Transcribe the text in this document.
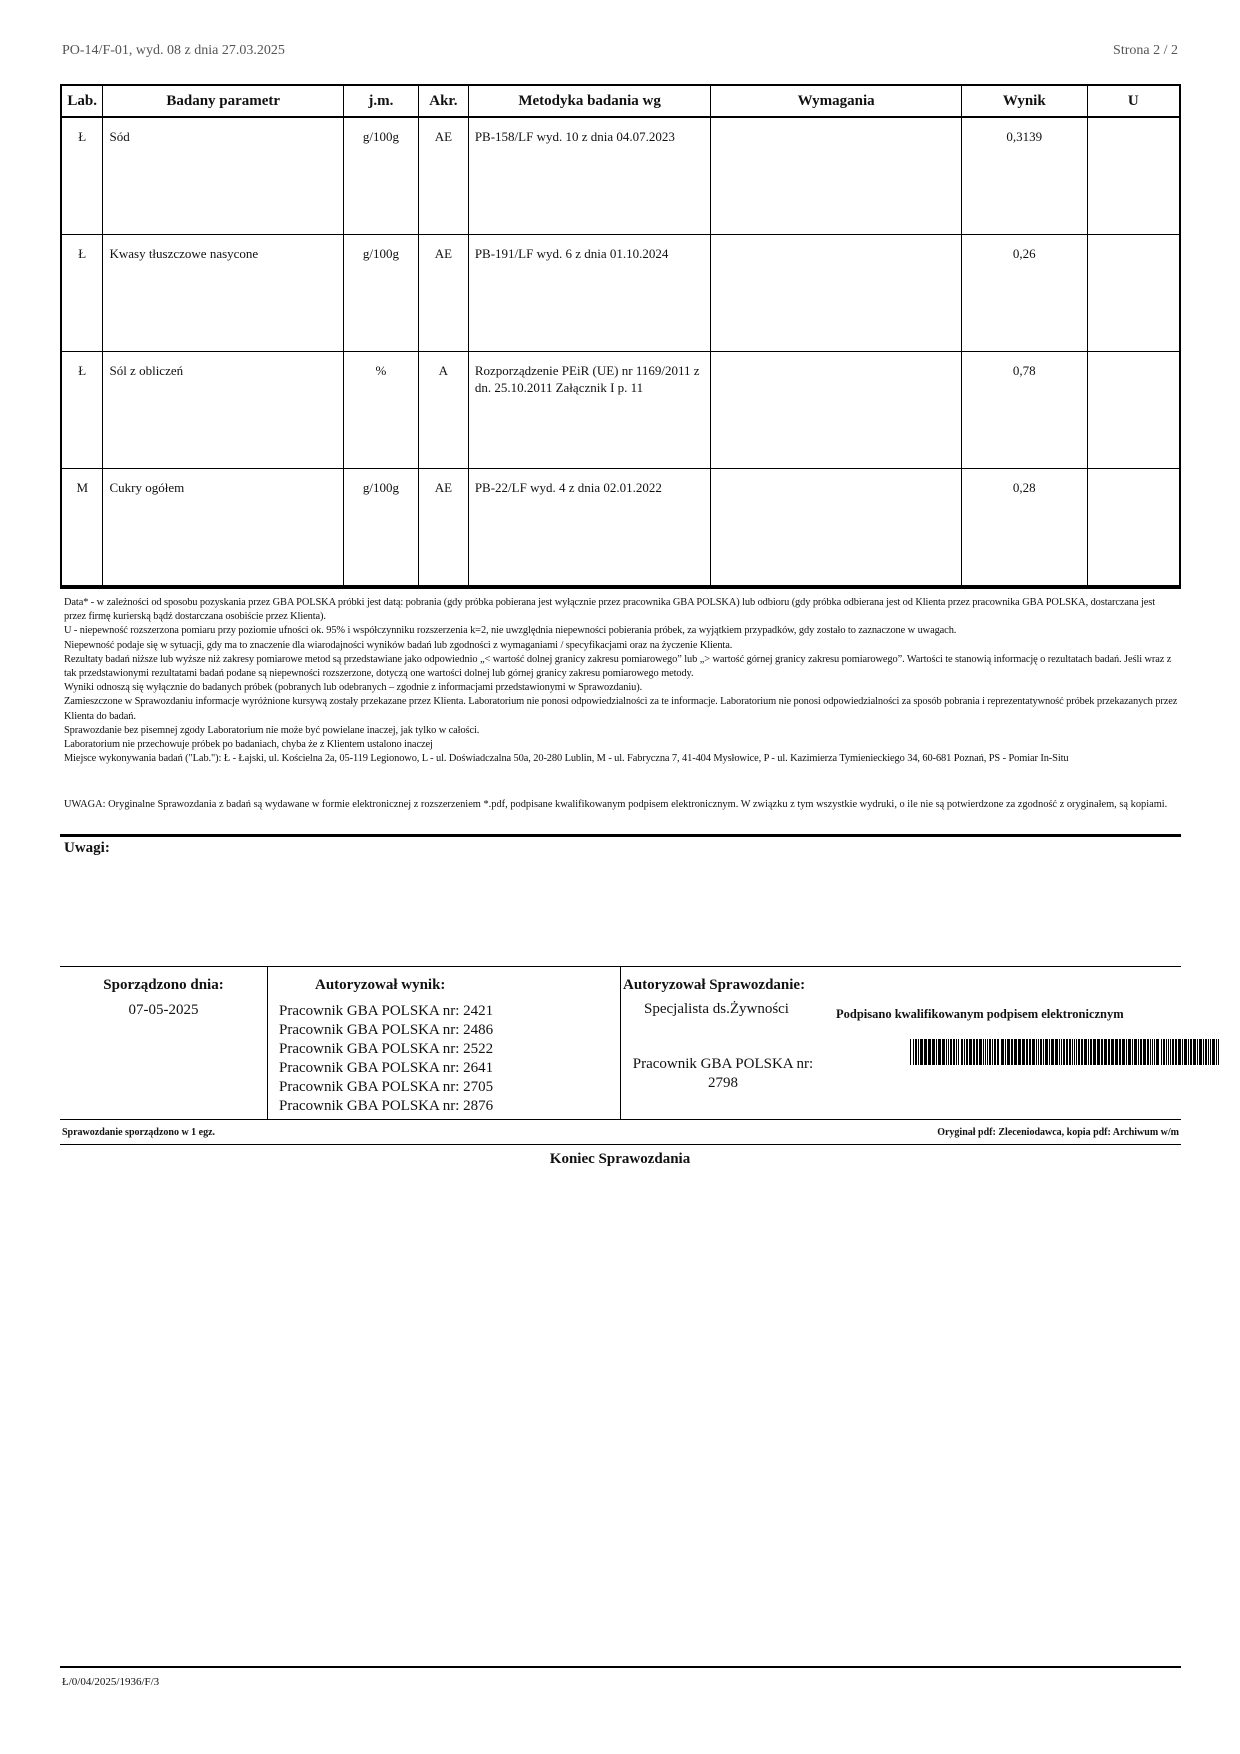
PO-14/F-01, wyd. 08 z dnia 27.03.2025	Strona 2 / 2
Lab.	Badany parametr	j.m.	Akr.	Metodyka badania wg	Wymagania	Wynik	U
Ł	Sód	g/100g	AE	PB-158/LF wyd. 10 z dnia 04.07.2023		0,3139	
Ł	Kwasy tłuszczowe nasycone	g/100g	AE	PB-191/LF wyd. 6 z dnia 01.10.2024		0,26	
Ł	Sól z obliczeń	%	A	Rozporządzenie PEiR (UE) nr 1169/2011 z dn. 25.10.2011 Załącznik I p. 11		0,78	
M	Cukry ogółem	g/100g	AE	PB-22/LF wyd. 4 z dnia 02.01.2022		0,28	

Data* - w zależności od sposobu pozyskania przez GBA POLSKA próbki jest datą: pobrania (gdy próbka pobierana jest wyłącznie przez pracownika GBA POLSKA) lub odbioru (gdy próbka odbierana jest od Klienta przez pracownika GBA POLSKA, dostarczana jest przez firmę kurierską bądź dostarczana osobiście przez Klienta).

U - niepewność rozszerzona pomiaru przy poziomie ufności ok. 95% i współczynniku rozszerzenia k=2, nie uwzględnia niepewności pobierania próbek, za wyjątkiem przypadków, gdy zostało to zaznaczone w uwagach.

Niepewność podaje się w sytuacji, gdy ma to znaczenie dla wiarodajności wyników badań lub zgodności z wymaganiami / specyfikacjami oraz na życzenie Klienta.

Rezultaty badań niższe lub wyższe niż zakresy pomiarowe metod są przedstawiane jako odpowiednio „< wartość dolnej granicy zakresu pomiarowego” lub „> wartość górnej granicy zakresu pomiarowego”. Wartości te stanowią informację o rezultatach badań. Jeśli wraz z tak przedstawionymi rezultatami badań podane są niepewności rozszerzone, dotyczą one wartości dolnej lub górnej granicy zakresu pomiarowego metody.

Wyniki odnoszą się wyłącznie do badanych próbek (pobranych lub odebranych – zgodnie z informacjami przedstawionymi w Sprawozdaniu).

Zamieszczone w Sprawozdaniu informacje wyróżnione kursywą zostały przekazane przez Klienta. Laboratorium nie ponosi odpowiedzialności za te informacje. Laboratorium nie ponosi odpowiedzialności za sposób pobrania i reprezentatywność próbek przekazanych przez Klienta do badań.

Sprawozdanie bez pisemnej zgody Laboratorium nie może być powielane inaczej, jak tylko w całości.

Laboratorium nie przechowuje próbek po badaniach, chyba że z Klientem ustalono inaczej

Miejsce wykonywania badań ("Lab."): Ł - Łajski, ul. Kościelna 2a, 05-119 Legionowo, L - ul. Doświadczalna 50a, 20-280 Lublin, M - ul. Fabryczna 7, 41-404 Mysłowice, P - ul. Kazimierza Tymienieckiego 34, 60-681 Poznań, PS - Pomiar In-Situ

UWAGA: Oryginalne Sprawozdania z badań są wydawane w formie elektronicznej z rozszerzeniem *.pdf, podpisane kwalifikowanym podpisem elektronicznym. W związku z tym wszystkie wydruki, o ile nie są potwierdzone za zgodność z oryginałem, są kopiami.
Uwagi:
Sporządzono dnia:
07-05-2025
Autoryzował wynik:
Pracownik GBA POLSKA nr: 2421
Pracownik GBA POLSKA nr: 2486
Pracownik GBA POLSKA nr: 2522
Pracownik GBA POLSKA nr: 2641
Pracownik GBA POLSKA nr: 2705
Pracownik GBA POLSKA nr: 2876
Autoryzował Sprawozdanie:
Specjalista ds.Żywności
Pracownik GBA POLSKA nr:
2798
Podpisano kwalifikowanym podpisem elektronicznym
Sprawozdanie sporządzono w 1 egz.	Oryginał pdf: Zleceniodawca, kopia pdf: Archiwum w/m
Koniec Sprawozdania
Ł/0/04/2025/1936/F/3
